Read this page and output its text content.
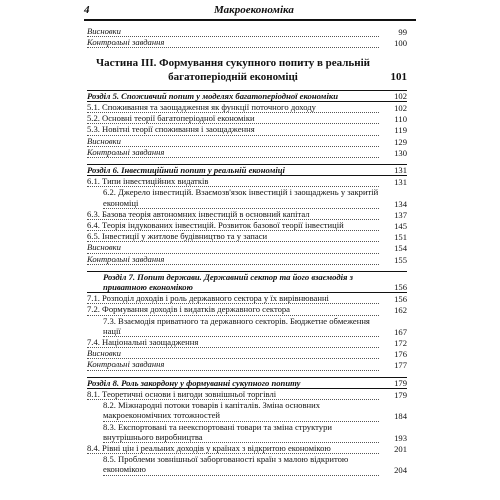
4	Макроекономіка
Висновки	99
Контрольні завдання	100
Частина III. Формування сукупного попиту в реальній багатоперіодній економіці	101
Розділ 5. Споживчий попит у моделях багатоперіодної економіки	102
5.1. Споживання та заощадження як функції поточного доходу	102
5.2. Основні теорії багатоперіодної економіки	110
5.3. Новітні теорії споживання і заощадження	119
Висновки	129
Контрольні завдання	130
Розділ 6. Інвестиційний попит у реальній економіці	131
6.1. Типи інвестиційних видатків	131
6.2. Джерело інвестицій. Взаємозв'язок інвестицій і заощаджень у закритій економіці	134
6.3. Базова теорія автономних інвестицій в основний капітал	137
6.4. Теорія індукованих інвестицій. Розвиток базової теорії інвестицій	145
6.5. Інвестиції у житлове будівництво та у запаси	151
Висновки	154
Контрольні завдання	155
Розділ 7. Попит держави. Державний сектор та його взаємодія з приватною економікою	156
7.1. Розподіл доходів і роль державного сектора у їх вирівнюванні	156
7.2. Формування доходів і видатків державного сектора	162
7.3. Взаємодія приватного та державного секторів. Бюджетне обмеження нації	167
7.4. Національні заощадження	172
Висновки	176
Контрольні завдання	177
Розділ 8. Роль закордону у формуванні сукупного попиту	179
8.1. Теоретичні основи і вигоди зовнішньої торгівлі	179
8.2. Міжнародні потоки товарів і капіталів. Зміна основних макроекономічних тотожностей	184
8.3. Експортовані та неекспортовані товари та зміна структури внутрішнього виробництва	193
8.4. Рівні цін і реальних доходів у країнах з відкритою економікою	201
8.5. Проблеми зовнішньої заборгованості країн з малою відкритою економікою	204
